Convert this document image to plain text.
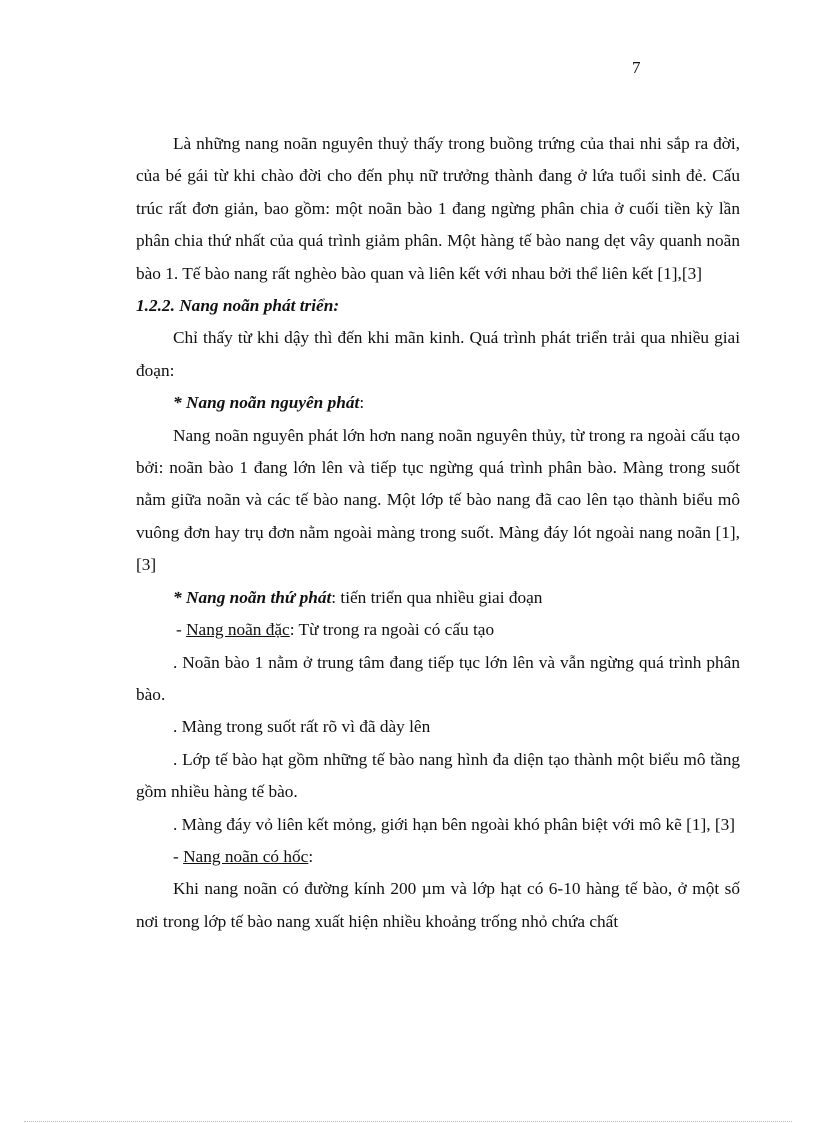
7

Là những nang noãn nguyên thuỷ thấy trong buồng trứng của thai nhi sắp ra đời, của bé gái từ khi chào đời cho đến phụ nữ trưởng thành đang ở lứa tuổi sinh đẻ. Cấu trúc rất đơn giản, bao gồm: một noãn bào 1 đang ngừng phân chia ở cuối tiền kỳ lần phân chia thứ nhất của quá trình giảm phân. Một hàng tế bào nang dẹt vây quanh noãn bào 1. Tế bào nang rất nghèo bào quan và liên kết với nhau bởi thể liên kết [1],[3]

1.2.2. Nang noãn phát triển:

Chỉ thấy từ khi dậy thì đến khi mãn kinh. Quá trình phát triển trải qua nhiều giai đoạn:

* Nang noãn nguyên phát:

Nang noãn nguyên phát lớn hơn nang noãn nguyên thủy, từ trong ra ngoài cấu tạo bởi: noãn bào 1 đang lớn lên và tiếp tục ngừng quá trình phân bào. Màng trong suốt nằm giữa noãn và các tế bào nang. Một lớp tế bào nang đã cao lên tạo thành biểu mô vuông đơn hay trụ đơn nằm ngoài màng trong suốt. Màng đáy lót ngoài nang noãn [1], [3]

* Nang noãn thứ phát: tiến triển qua nhiều giai đoạn

- Nang noãn đặc: Từ trong ra ngoài có cấu tạo

. Noãn bào 1 nằm ở trung tâm đang tiếp tục lớn lên và vẫn ngừng quá trình phân bào.

. Màng trong suốt rất rõ vì đã dày lên

. Lớp tế bào hạt gồm những tế bào nang hình đa diện tạo thành một biểu mô tầng gồm nhiều hàng tế bào.

. Màng đáy vỏ liên kết mỏng, giới hạn bên ngoài khó phân biệt với mô kẽ [1], [3]

- Nang noãn có hốc:

Khi nang noãn có đường kính 200 µm và lớp hạt có 6-10 hàng tế bào, ở một số nơi trong lớp tế bào nang xuất hiện nhiều khoảng trống nhỏ chứa chất
